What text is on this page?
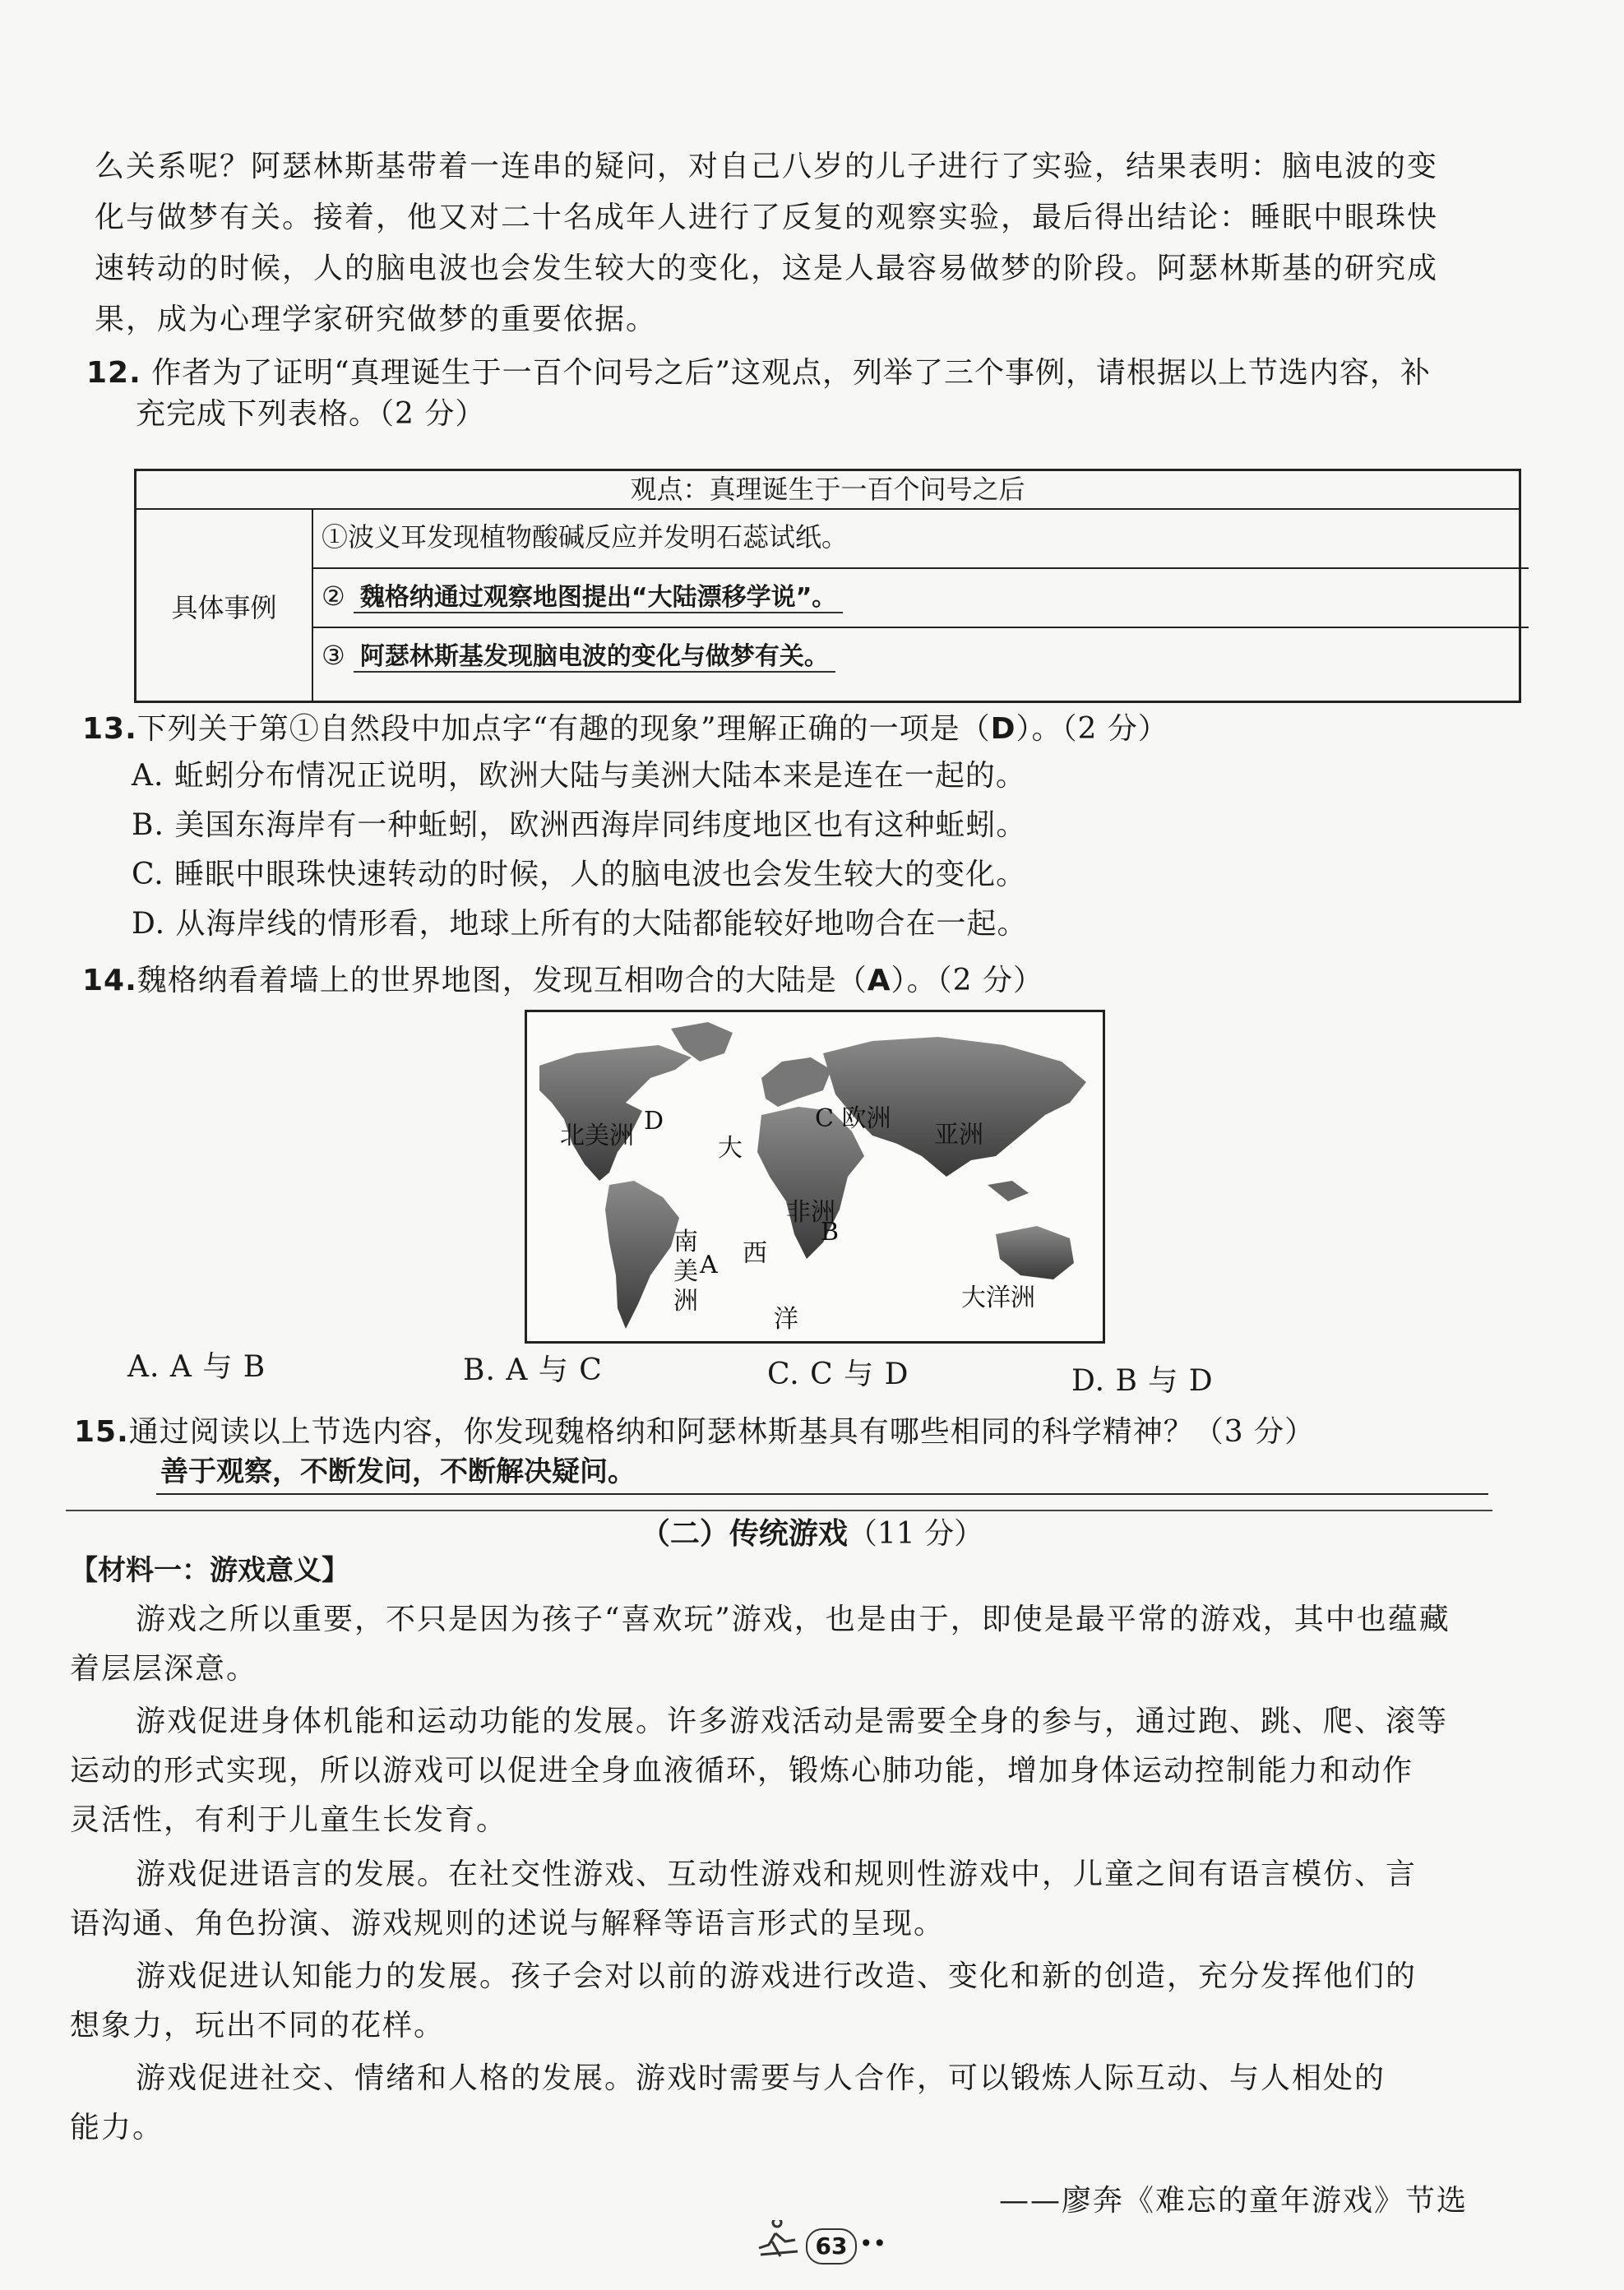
么关系呢？阿瑟林斯基带着一连串的疑问，对自己八岁的儿子进行了实验，结果表明：脑电波的变
化与做梦有关。接着，他又对二十名成年人进行了反复的观察实验，最后得出结论：睡眠中眼珠快
速转动的时候，人的脑电波也会发生较大的变化，这是人最容易做梦的阶段。阿瑟林斯基的研究成
果，成为心理学家研究做梦的重要依据。
12. 作者为了证明“真理诞生于一百个问号之后”这观点，列举了三个事例，请根据以上节选内容，补
充完成下列表格。（2 分）
观点：真理诞生于一百个问号之后
具体事例
①波义耳发现植物酸碱反应并发明石蕊试纸。
② 魏格纳通过观察地图提出“大陆漂移学说”。
③ 阿瑟林斯基发现脑电波的变化与做梦有关。
13.下列关于第①自然段中加点字“有趣的现象”理解正确的一项是（D）。（2 分）
A. 蚯蚓分布情况正说明，欧洲大陆与美洲大陆本来是连在一起的。
B. 美国东海岸有一种蚯蚓，欧洲西海岸同纬度地区也有这种蚯蚓。
C. 睡眠中眼珠快速转动的时候，人的脑电波也会发生较大的变化。
D. 从海岸线的情形看，地球上所有的大陆都能较好地吻合在一起。
14.魏格纳看着墙上的世界地图，发现互相吻合的大陆是（A）。（2 分）
北美洲
D
大
C 欧洲
亚洲
非洲
B
西
南
美
洲
A
洋
大洋洲
A. A 与 B	B. A 与 C	C. C 与 D	D. B 与 D
15.通过阅读以上节选内容，你发现魏格纳和阿瑟林斯基具有哪些相同的科学精神？（3 分）
善于观察，不断发问，不断解决疑问。
（二）传统游戏（11 分）
【材料一：游戏意义】
游戏之所以重要，不只是因为孩子“喜欢玩”游戏，也是由于，即使是最平常的游戏，其中也蕴藏
着层层深意。
游戏促进身体机能和运动功能的发展。许多游戏活动是需要全身的参与，通过跑、跳、爬、滚等
运动的形式实现，所以游戏可以促进全身血液循环，锻炼心肺功能，增加身体运动控制能力和动作
灵活性，有利于儿童生长发育。
游戏促进语言的发展。在社交性游戏、互动性游戏和规则性游戏中，儿童之间有语言模仿、言
语沟通、角色扮演、游戏规则的述说与解释等语言形式的呈现。
游戏促进认知能力的发展。孩子会对以前的游戏进行改造、变化和新的创造，充分发挥他们的
想象力，玩出不同的花样。
游戏促进社交、情绪和人格的发展。游戏时需要与人合作，可以锻炼人际互动、与人相处的
能力。
——廖奔《难忘的童年游戏》节选
63 ••
